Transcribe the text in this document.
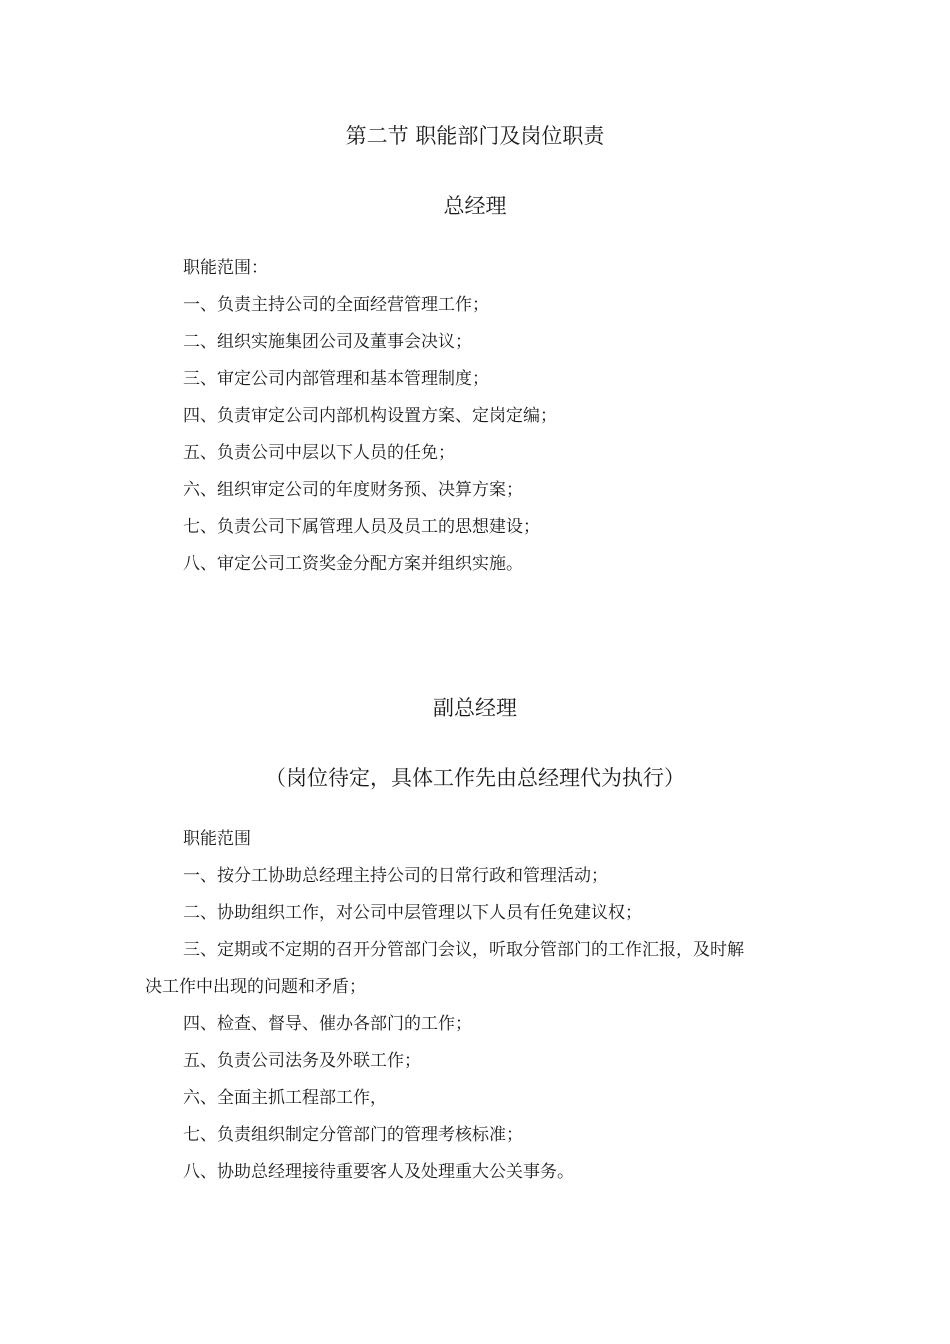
第二节 职能部门及岗位职责
总经理
职能范围：
一、负责主持公司的全面经营管理工作；
二、组织实施集团公司及董事会决议；
三、审定公司内部管理和基本管理制度；
四、负责审定公司内部机构设置方案、定岗定编；
五、负责公司中层以下人员的任免；
六、组织审定公司的年度财务预、决算方案；
七、负责公司下属管理人员及员工的思想建设；
八、审定公司工资奖金分配方案并组织实施。
副总经理
（岗位待定，具体工作先由总经理代为执行）
职能范围
一、按分工协助总经理主持公司的日常行政和管理活动；
二、协助组织工作，对公司中层管理以下人员有任免建议权；
三、定期或不定期的召开分管部门会议，听取分管部门的工作汇报，及时解
决工作中出现的问题和矛盾；
四、检查、督导、催办各部门的工作；
五、负责公司法务及外联工作；
六、全面主抓工程部工作，
七、负责组织制定分管部门的管理考核标准；
八、协助总经理接待重要客人及处理重大公关事务。
